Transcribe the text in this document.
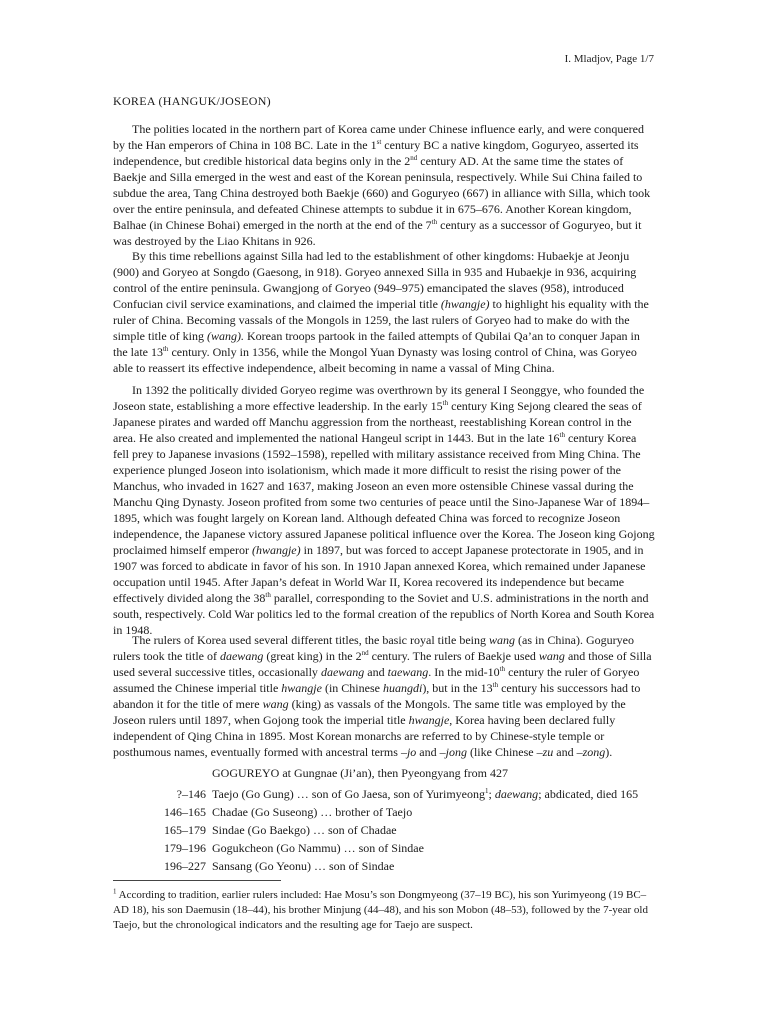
I. Mladjov, Page 1/7
KOREA (HANGUK/JOSEON)

The polities located in the northern part of Korea came under Chinese influence early, and were conquered by the Han emperors of China in 108 BC. Late in the 1st century BC a native kingdom, Goguryeo, asserted its independence, but credible historical data begins only in the 2nd century AD. At the same time the states of Baekje and Silla emerged in the west and east of the Korean peninsula, respectively. While Sui China failed to subdue the area, Tang China destroyed both Baekje (660) and Goguryeo (667) in alliance with Silla, which took over the entire peninsula, and defeated Chinese attempts to subdue it in 675–676. Another Korean kingdom, Balhae (in Chinese Bohai) emerged in the north at the end of the 7th century as a successor of Goguryeo, but it was destroyed by the Liao Khitans in 926.

By this time rebellions against Silla had led to the establishment of other kingdoms: Hubaekje at Jeonju (900) and Goryeo at Songdo (Gaesong, in 918). Goryeo annexed Silla in 935 and Hubaekje in 936, acquiring control of the entire peninsula. Gwangjong of Goryeo (949–975) emancipated the slaves (958), introduced Confucian civil service examinations, and claimed the imperial title (hwangje) to highlight his equality with the ruler of China. Becoming vassals of the Mongols in 1259, the last rulers of Goryeo had to make do with the simple title of king (wang). Korean troops partook in the failed attempts of Qubilai Qa’an to conquer Japan in the late 13th century. Only in 1356, while the Mongol Yuan Dynasty was losing control of China, was Goryeo able to reassert its effective independence, albeit becoming in name a vassal of Ming China.

In 1392 the politically divided Goryeo regime was overthrown by its general I Seonggye, who founded the Joseon state, establishing a more effective leadership. In the early 15th century King Sejong cleared the seas of Japanese pirates and warded off Manchu aggression from the northeast, reestablishing Korean control in the area. He also created and implemented the national Hangeul script in 1443. But in the late 16th century Korea fell prey to Japanese invasions (1592–1598), repelled with military assistance received from Ming China. The experience plunged Joseon into isolationism, which made it more difficult to resist the rising power of the Manchus, who invaded in 1627 and 1637, making Joseon an even more ostensible Chinese vassal during the Manchu Qing Dynasty. Joseon profited from some two centuries of peace until the Sino-Japanese War of 1894–1895, which was fought largely on Korean land. Although defeated China was forced to recognize Joseon independence, the Japanese victory assured Japanese political influence over the Korea. The Joseon king Gojong proclaimed himself emperor (hwangje) in 1897, but was forced to accept Japanese protectorate in 1905, and in 1907 was forced to abdicate in favor of his son. In 1910 Japan annexed Korea, which remained under Japanese occupation until 1945. After Japan’s defeat in World War II, Korea recovered its independence but became effectively divided along the 38th parallel, corresponding to the Soviet and U.S. administrations in the north and south, respectively. Cold War politics led to the formal creation of the republics of North Korea and South Korea in 1948.

The rulers of Korea used several different titles, the basic royal title being wang (as in China). Goguryeo rulers took the title of daewang (great king) in the 2nd century. The rulers of Baekje used wang and those of Silla used several successive titles, occasionally daewang and taewang. In the mid-10th century the ruler of Goryeo assumed the Chinese imperial title hwangje (in Chinese huangdi), but in the 13th century his successors had to abandon it for the title of mere wang (king) as vassals of the Mongols. The same title was employed by the Joseon rulers until 1897, when Gojong took the imperial title hwangje, Korea having been declared fully independent of Qing China in 1895. Most Korean monarchs are referred to by Chinese-style temple or posthumous names, eventually formed with ancestral terms –jo and –jong (like Chinese –zu and –zong).

GOGUREYO at Gungnae (Ji’an), then Pyeongyang from 427
?–146 Taejo (Go Gung) … son of Go Jaesa, son of Yurimyeong$^1$; daewang; abdicated, died 165
146–165 Chadae (Go Suseong) … brother of Taejo
165–179 Sindae (Go Baekgo) … son of Chadae
179–196 Gogukcheon (Go Nammu) … son of Sindae
196–227 Sansang (Go Yeonu) … son of Sindae

$^1$ According to tradition, earlier rulers included: Hae Mosu’s son Dongmyeong (37–19 BC), his son Yurimyeong (19 BC–AD 18), his son Daemusin (18–44), his brother Minjung (44–48), and his son Mobon (48–53), followed by the 7-year old Taejo, but the chronological indicators and the resulting age for Taejo are suspect.
